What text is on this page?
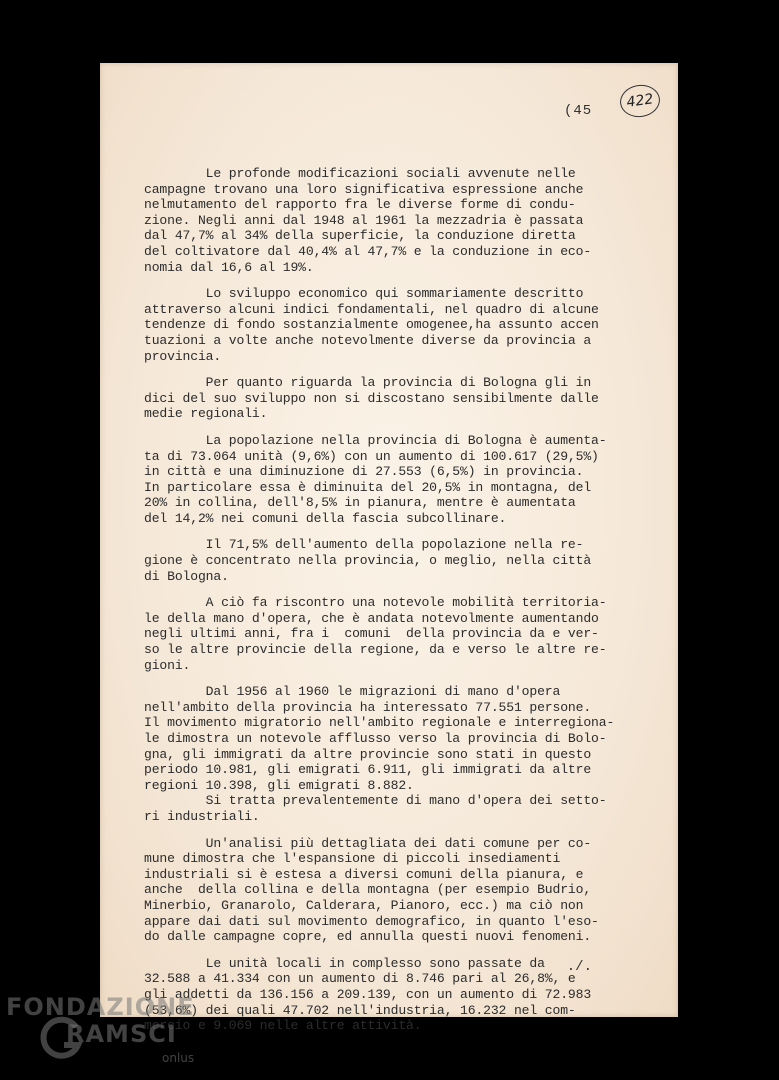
422
(45
Le profonde modificazioni sociali avvenute nelle
campagne trovano una loro significativa espressione anche
nelmutamento del rapporto fra le diverse forme di condu-
zione. Negli anni dal 1948 al 1961 la mezzadria è passata
dal 47,7% al 34% della superficie, la conduzione diretta
del coltivatore dal 40,4% al 47,7% e la conduzione in eco-
nomia dal 16,6 al 19%.
Lo sviluppo economico qui sommariamente descritto
attraverso alcuni indici fondamentali, nel quadro di alcune
tendenze di fondo sostanzialmente omogenee,ha assunto accen
tuazioni a volte anche notevolmente diverse da provincia a
provincia.
Per quanto riguarda la provincia di Bologna gli in
dici del suo sviluppo non si discostano sensibilmente dalle
medie regionali.
La popolazione nella provincia di Bologna è aumenta-
ta di 73.064 unità (9,6%) con un aumento di 100.617 (29,5%)
in città e una diminuzione di 27.553 (6,5%) in provincia.
In particolare essa è diminuita del 20,5% in montagna, del
20% in collina, dell'8,5% in pianura, mentre è aumentata
del 14,2% nei comuni della fascia subcollinare.
Il 71,5% dell'aumento della popolazione nella re-
gione è concentrato nella provincia, o meglio, nella città
di Bologna.
A ciò fa riscontro una notevole mobilità territoria-
le della mano d'opera, che è andata notevolmente aumentando
negli ultimi anni, fra i  comuni  della provincia da e ver-
so le altre provincie della regione, da e verso le altre re-
gioni.
Dal 1956 al 1960 le migrazioni di mano d'opera
nell'ambito della provincia ha interessato 77.551 persone.
Il movimento migratorio nell'ambito regionale e interregiona-
le dimostra un notevole afflusso verso la provincia di Bolo-
gna, gli immigrati da altre provincie sono stati in questo
periodo 10.981, gli emigrati 6.911, gli immigrati da altre
regioni 10.398, gli emigrati 8.882.
Si tratta prevalentemente di mano d'opera dei setto-
ri industriali.
Un'analisi più dettagliata dei dati comune per co-
mune dimostra che l'espansione di piccoli insediamenti
industriali si è estesa a diversi comuni della pianura, e
anche  della collina e della montagna (per esempio Budrio,
Minerbio, Granarolo, Calderara, Pianoro, ecc.) ma ciò non
appare dai dati sul movimento demografico, in quanto l'eso-
do dalle campagne copre, ed annulla questi nuovi fenomeni.
Le unità locali in complesso sono passate da
32.588 a 41.334 con un aumento di 8.746 pari al 26,8%, e
gli addetti da 136.156 a 209.139, con un aumento di 72.983
(53,6%) dei quali 47.702 nell'industria, 16.232 nel com-
mercio e 9.069 nelle altre attività.
./.
FONDAZIONE
RAMSCI
onlus
